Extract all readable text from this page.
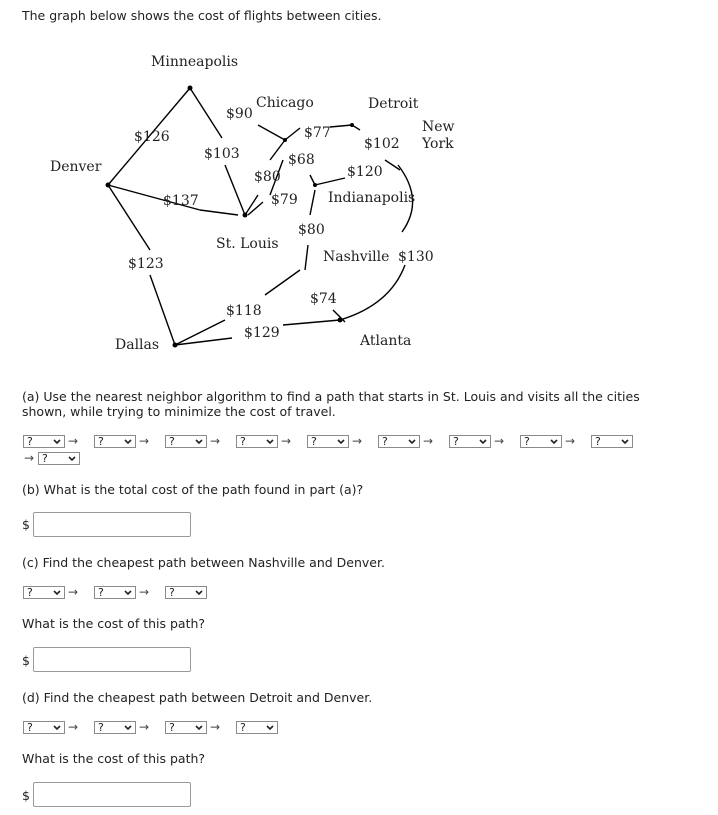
The graph below shows the cost of flights between cities.
Minneapolis
Chicago	Detroit
New
York
Denver
Indianapolis
St. Louis
Nashville
Dallas	Atlanta
$90
$126
$103
$77
$102
$68
$120
$80
$79
$137
$80
$130
$123
$74
$118
$129
(a) Use the nearest neighbor algorithm to find a path that starts in St. Louis and visits all the cities shown, while trying to minimize the cost of travel.
(b) What is the total cost of the path found in part (a)?
$
(c) Find the cheapest path between Nashville and Denver.
What is the cost of this path?
$
(d) Find the cheapest path between Detroit and Denver.
What is the cost of this path?
$
?	→	?	→	?	→	?	→	?	→	?	→	?	→	?	→	?
→ ?
?	→	?	→	?
?	→	?	→	?	→	?
